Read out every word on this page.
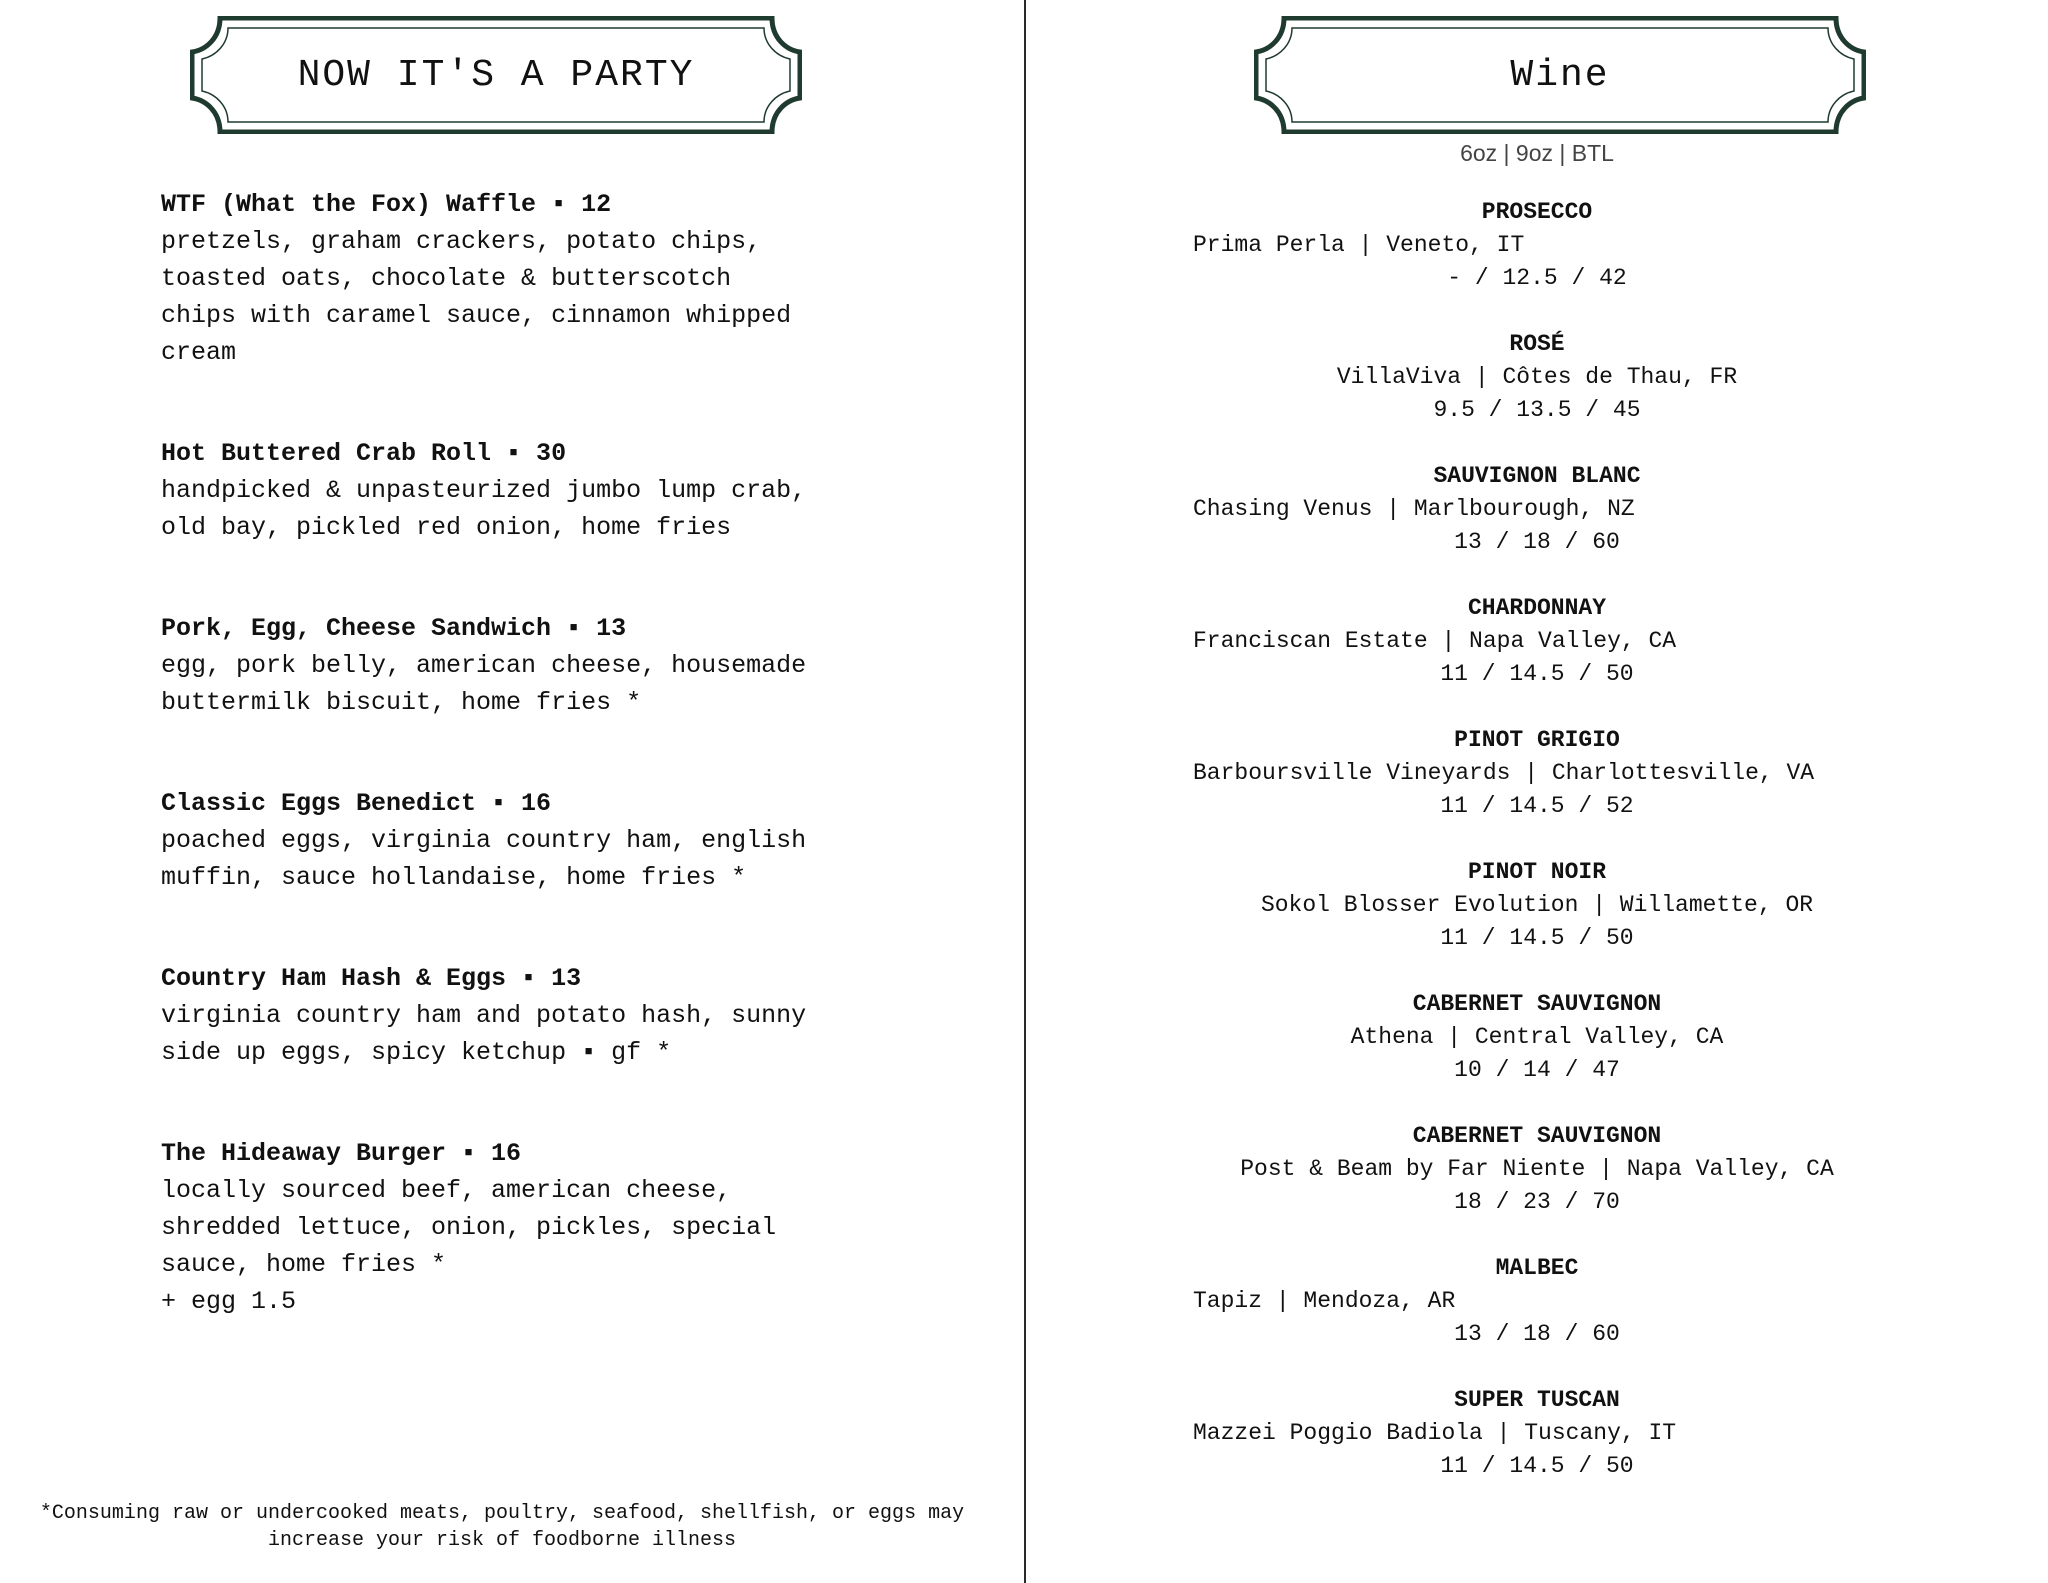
NOW IT'S A PARTY
WTF (What the Fox) Waffle ▪ 12
pretzels, graham crackers, potato chips,
toasted oats, chocolate & butterscotch
chips with caramel sauce, cinnamon whipped
cream
Hot Buttered Crab Roll ▪ 30
handpicked & unpasteurized jumbo lump crab,
old bay, pickled red onion, home fries
Pork, Egg, Cheese Sandwich ▪ 13
egg, pork belly, american cheese, housemade
buttermilk biscuit, home fries *
Classic Eggs Benedict ▪ 16
poached eggs, virginia country ham, english
muffin, sauce hollandaise, home fries *
Country Ham Hash & Eggs ▪ 13
virginia country ham and potato hash, sunny
side up eggs, spicy ketchup ▪ gf *
The Hideaway Burger ▪ 16
locally sourced beef, american cheese,
shredded lettuce, onion, pickles, special
sauce, home fries *
+ egg 1.5
*Consuming raw or undercooked meats, poultry, seafood, shellfish, or eggs may
increase your risk of foodborne illness
Wine
6oz | 9oz | BTL
PROSECCO
Prima Perla | Veneto, IT
- / 12.5 / 42
ROSÉ
VillaViva | Côtes de Thau, FR
9.5 / 13.5 / 45
SAUVIGNON BLANC
Chasing Venus | Marlbourough, NZ
13 / 18 / 60
CHARDONNAY
Franciscan Estate | Napa Valley, CA
11 / 14.5 / 50
PINOT GRIGIO
Barboursville Vineyards | Charlottesville, VA
11 / 14.5 / 52
PINOT NOIR
Sokol Blosser Evolution | Willamette, OR
11 / 14.5 / 50
CABERNET SAUVIGNON
Athena | Central Valley, CA
10 / 14 / 47
CABERNET SAUVIGNON
Post & Beam by Far Niente | Napa Valley, CA
18 / 23 / 70
MALBEC
Tapiz | Mendoza, AR
13 / 18 / 60
SUPER TUSCAN
Mazzei Poggio Badiola | Tuscany, IT
11 / 14.5 / 50
